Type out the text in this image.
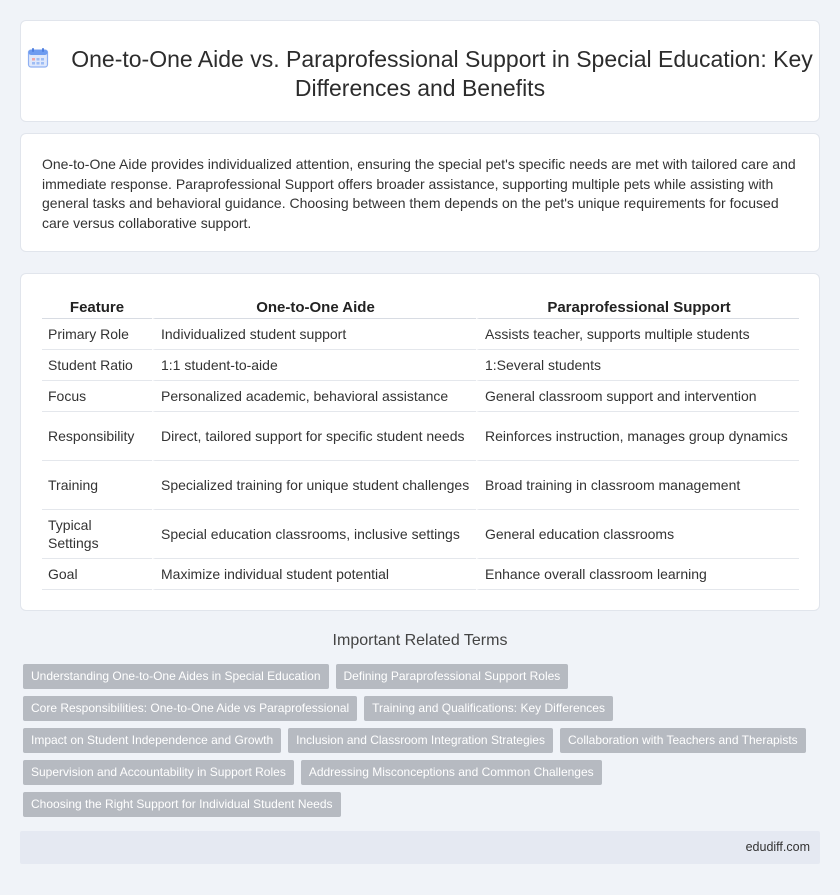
One-to-One Aide vs. Paraprofessional Support in Special Education: Key Differences and Benefits

One-to-One Aide provides individualized attention, ensuring the special pet's specific needs are met with tailored care and immediate response. Paraprofessional Support offers broader assistance, supporting multiple pets while assisting with general tasks and behavioral guidance. Choosing between them depends on the pet's unique requirements for focused care versus collaborative support.

Feature	One-to-One Aide	Paraprofessional Support
Primary Role	Individualized student support	Assists teacher, supports multiple students
Student Ratio	1:1 student-to-aide	1:Several students
Focus	Personalized academic, behavioral assistance	General classroom support and intervention
Responsibility	Direct, tailored support for specific student needs	Reinforces instruction, manages group dynamics
Training	Specialized training for unique student challenges	Broad training in classroom management
Typical Settings	Special education classrooms, inclusive settings	General education classrooms
Goal	Maximize individual student potential	Enhance overall classroom learning
Important Related Terms
Understanding One-to-One Aides in Special Education	Defining Paraprofessional Support Roles
Core Responsibilities: One-to-One Aide vs Paraprofessional	Training and Qualifications: Key Differences
Impact on Student Independence and Growth	Inclusion and Classroom Integration Strategies	Collaboration with Teachers and Therapists
Supervision and Accountability in Support Roles	Addressing Misconceptions and Common Challenges
Choosing the Right Support for Individual Student Needs
edudiff.com
